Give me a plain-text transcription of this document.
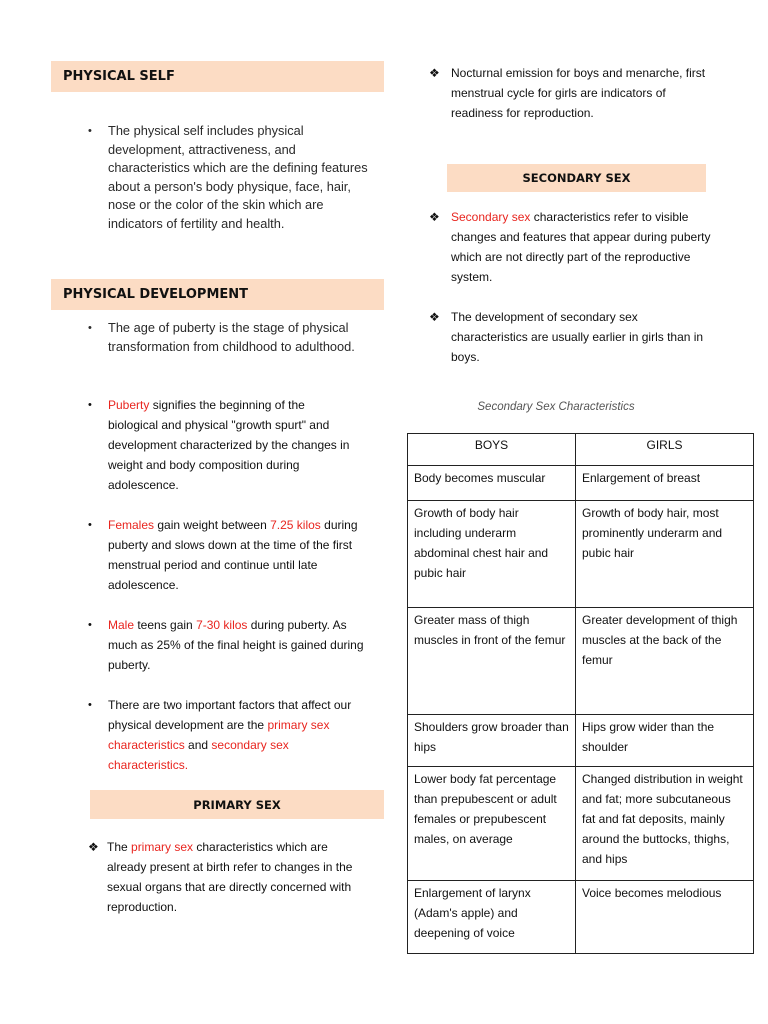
PHYSICAL SELF
• The physical self includes physical development, attractiveness, and characteristics which are the defining features about a person's body physique, face, hair, nose or the color of the skin which are indicators of fertility and health.
PHYSICAL DEVELOPMENT
• The age of puberty is the stage of physical transformation from childhood to adulthood.
• Puberty signifies the beginning of the biological and physical "growth spurt" and development characterized by the changes in weight and body composition during adolescence.
• Females gain weight between 7.25 kilos during puberty and slows down at the time of the first menstrual period and continue until late adolescence.
• Male teens gain 7-30 kilos during puberty. As much as 25% of the final height is gained during puberty.
• There are two important factors that affect our physical development are the primary sex characteristics and secondary sex characteristics.
PRIMARY SEX
❖ The primary sex characteristics which are already present at birth refer to changes in the sexual organs that are directly concerned with reproduction.
❖ Nocturnal emission for boys and menarche, first menstrual cycle for girls are indicators of readiness for reproduction.
SECONDARY SEX
❖ Secondary sex characteristics refer to visible changes and features that appear during puberty which are not directly part of the reproductive system.
❖ The development of secondary sex characteristics are usually earlier in girls than in boys.
Secondary Sex Characteristics
BOYS	GIRLS
Body becomes muscular	Enlargement of breast
Growth of body hair including underarm abdominal chest hair and pubic hair	Growth of body hair, most prominently underarm and pubic hair
Greater mass of thigh muscles in front of the femur	Greater development of thigh muscles at the back of the femur
Shoulders grow broader than hips	Hips grow wider than the shoulder
Lower body fat percentage than prepubescent or adult females or prepubescent males, on average	Changed distribution in weight and fat; more subcutaneous fat and fat deposits, mainly around the buttocks, thighs, and hips
Enlargement of larynx (Adam's apple) and deepening of voice	Voice becomes melodious
